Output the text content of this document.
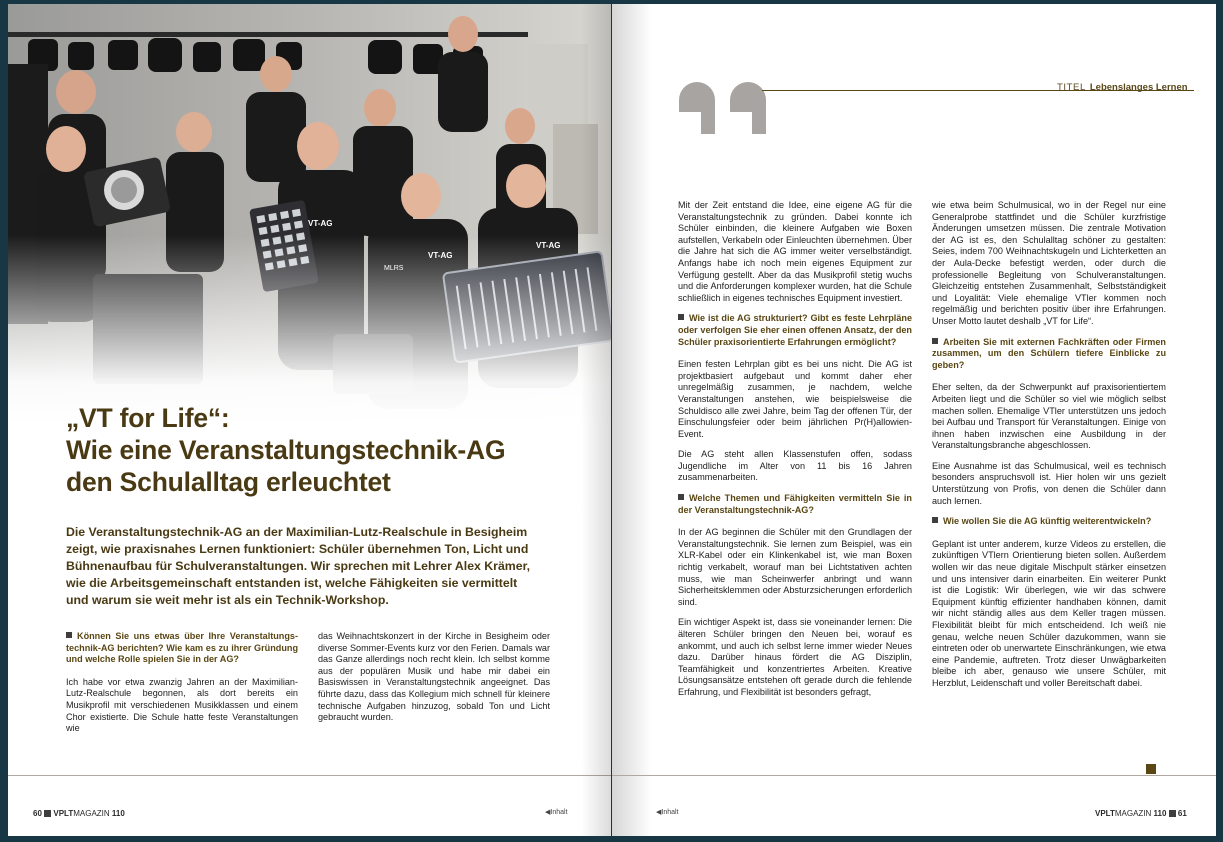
„VT for Life“:
Wie eine Veranstaltungstechnik-AG
den Schulalltag erleuchtet

Die Veranstaltungstechnik-AG an der Maximilian-Lutz-Realschule in Besigheim zeigt, wie praxisnahes Lernen funktioniert: Schüler übernehmen Ton, Licht und Bühnenaufbau für Schulveranstaltungen. Wir sprechen mit Lehrer Alex Krämer, wie die Arbeitsgemeinschaft entstanden ist, welche Fähigkeiten sie vermittelt und warum sie weit mehr ist als ein Technik-Workshop.

Können Sie uns etwas über Ihre Veranstaltungstechnik-AG berichten? Wie kam es zu ihrer Gründung und welche Rolle spielen Sie in der AG?

Ich habe vor etwa zwanzig Jahren an der Maximilian-Lutz-Realschule begonnen, als dort bereits ein Musikprofil mit verschiedenen Musikklassen und einem Chor existierte. Die Schule hatte feste Veranstaltungen wie

das Weihnachtskonzert in der Kirche in Besigheim oder diverse Sommer-Events kurz vor den Ferien. Damals war das Ganze allerdings noch recht klein. Ich selbst komme aus der populären Musik und habe mir dabei ein Basiswissen in Veranstaltungstechnik angeeignet. Das führte dazu, dass das Kollegium mich schnell für kleinere technische Aufgaben hinzuzog, sobald Ton und Licht gebraucht wurden.

60 VPLTMAGAZIN 110	◀Inhalt
TITEL Lebenslanges Lernen

Mit der Zeit entstand die Idee, eine eigene AG für die Veranstaltungstechnik zu gründen. Dabei konnte ich Schüler einbinden, die kleinere Aufgaben wie Boxen aufstellen, Verkabeln oder Einleuchten übernehmen. Über die Jahre hat sich die AG immer weiter verselbständigt. Anfangs habe ich noch mein eigenes Equipment zur Verfügung gestellt. Aber da das Musikprofil stetig wuchs und die Anforderungen komplexer wurden, hat die Schule schließlich in eigenes technisches Equipment investiert.

Wie ist die AG strukturiert? Gibt es feste Lehrpläne oder verfolgen Sie eher einen offenen Ansatz, der den Schüler praxisorientierte Erfahrungen ermöglicht?

Einen festen Lehrplan gibt es bei uns nicht. Die AG ist projektbasiert aufgebaut und kommt daher eher unregelmäßig zusammen, je nachdem, welche Veranstaltungen anstehen, wie beispielsweise die Schuldisco alle zwei Jahre, beim Tag der offenen Tür, der Einschulungsfeier oder beim jährlichen Pr(H)allowien-Event.

Die AG steht allen Klassenstufen offen, sodass Jugendliche im Alter von 11 bis 16 Jahren zusammenarbeiten.

Welche Themen und Fähigkeiten vermitteln Sie in der Veranstaltungstechnik-AG?

In der AG beginnen die Schüler mit den Grundlagen der Veranstaltungstechnik. Sie lernen zum Beispiel, was ein XLR-Kabel oder ein Klinkenkabel ist, wie man Boxen richtig verkabelt, worauf man bei Lichtstativen achten muss, wie man Scheinwerfer anbringt und wann Sicherheitsklemmen oder Absturzsicherungen erforderlich sind.

Ein wichtiger Aspekt ist, dass sie voneinander lernen: Die älteren Schüler bringen den Neuen bei, worauf es ankommt, und auch ich selbst lerne immer wieder Neues dazu. Darüber hinaus fördert die AG Disziplin, Teamfähigkeit und konzentriertes Arbeiten. Kreative Lösungsansätze entstehen oft gerade durch die fehlende Erfahrung, und Flexibilität ist besonders gefragt,

wie etwa beim Schulmusical, wo in der Regel nur eine Generalprobe stattfindet und die Schüler kurzfristige Änderungen umsetzen müssen. Die zentrale Motivation der AG ist es, den Schulalltag schöner zu gestalten: Seies, indem 700 Weihnachtskugeln und Lichterketten an der Aula-Decke befestigt werden, oder durch die professionelle Begleitung von Schulveranstaltungen. Gleichzeitig entstehen Zusammenhalt, Selbstständigkeit und Loyalität: Viele ehemalige VTler kommen noch regelmäßig und berichten positiv über ihre Erfahrungen. Unser Motto lautet deshalb „VT for Life“.

Arbeiten Sie mit externen Fachkräften oder Firmen zusammen, um den Schülern tiefere Einblicke zu geben?

Eher selten, da der Schwerpunkt auf praxisorientiertem Arbeiten liegt und die Schüler so viel wie möglich selbst machen sollen. Ehemalige VTler unterstützen uns jedoch bei Aufbau und Transport für Veranstaltungen. Einige von ihnen haben inzwischen eine Ausbildung in der Veranstaltungsbranche abgeschlossen.

Eine Ausnahme ist das Schulmusical, weil es technisch besonders anspruchsvoll ist. Hier holen wir uns gezielt Unterstützung von Profis, von denen die Schüler dann auch lernen.

Wie wollen Sie die AG künftig weiterentwickeln?

Geplant ist unter anderem, kurze Videos zu erstellen, die zukünftigen VTlern Orientierung bieten sollen. Außerdem wollen wir das neue digitale Mischpult stärker einsetzen und uns intensiver darin einarbeiten. Ein weiterer Punkt ist die Logistik: Wir überlegen, wie wir das schwere Equipment künftig effizienter handhaben können, damit wir nicht ständig alles aus dem Keller tragen müssen. Flexibilität bleibt für mich entscheidend. Ich weiß nie genau, welche neuen Schüler dazukommen, wann sie eintreten oder ob unerwartete Einschränkungen, wie etwa eine Pandemie, auftreten. Trotz dieser Unwägbarkeiten bleibe ich aber, genauso wie unsere Schüler, mit Herzblut, Leidenschaft und voller Bereitschaft dabei.

◀Inhalt	VPLTMAGAZIN 110 61
